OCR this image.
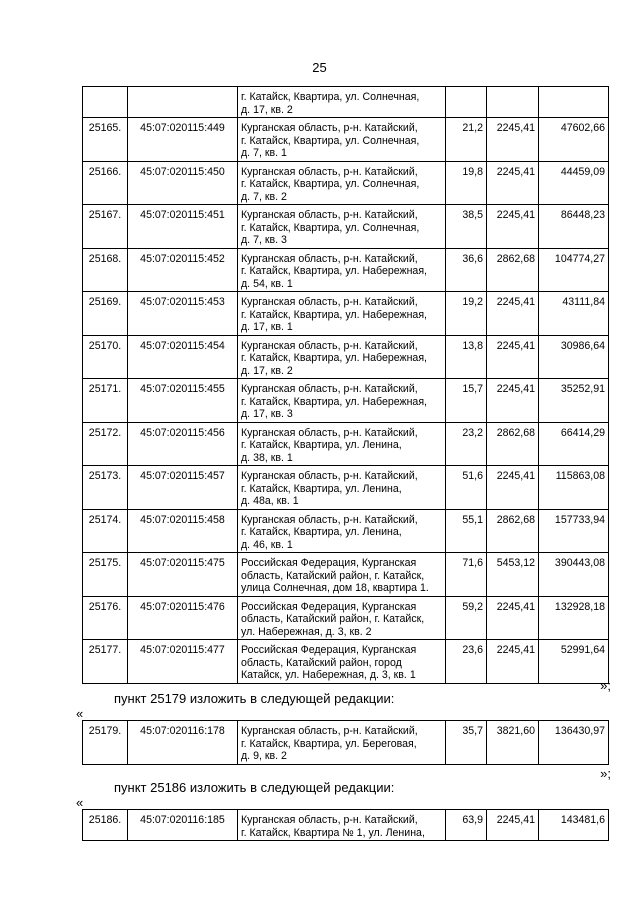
25

		г. Катайск, Квартира, ул. Солнечная,
д. 17, кв. 2			

25165.	45:07:020115:449	Курганская область, р-н. Катайский,
г. Катайск, Квартира, ул. Солнечная,
д. 7, кв. 1	21,2	2245,41	47602,66
25166.	45:07:020115:450	Курганская область, р-н. Катайский,
г. Катайск, Квартира, ул. Солнечная,
д. 7, кв. 2	19,8	2245,41	44459,09
25167.	45:07:020115:451	Курганская область, р-н. Катайский,
г. Катайск, Квартира, ул. Солнечная,
д. 7, кв. 3	38,5	2245,41	86448,23
25168.	45:07:020115:452	Курганская область, р-н. Катайский,
г. Катайск, Квартира, ул. Набережная,
д. 54, кв. 1	36,6	2862,68	104774,27
25169.	45:07:020115:453	Курганская область, р-н. Катайский,
г. Катайск, Квартира, ул. Набережная,
д. 17, кв. 1	19,2	2245,41	43111,84
25170.	45:07:020115:454	Курганская область, р-н. Катайский,
г. Катайск, Квартира, ул. Набережная,
д. 17, кв. 2	13,8	2245,41	30986,64
25171.	45:07:020115:455	Курганская область, р-н. Катайский,
г. Катайск, Квартира, ул. Набережная,
д. 17, кв. 3	15,7	2245,41	35252,91
25172.	45:07:020115:456	Курганская область, р-н. Катайский,
г. Катайск, Квартира, ул. Ленина,
д. 38, кв. 1	23,2	2862,68	66414,29
25173.	45:07:020115:457	Курганская область, р-н. Катайский,
г. Катайск, Квартира, ул. Ленина,
д. 48а, кв. 1	51,6	2245,41	115863,08
25174.	45:07:020115:458	Курганская область, р-н. Катайский,
г. Катайск, Квартира, ул. Ленина,
д. 46, кв. 1	55,1	2862,68	157733,94
25175.	45:07:020115:475	Российская Федерация, Курганская
область, Катайский район, г. Катайск,
улица Солнечная, дом 18, квартира 1.	71,6	5453,12	390443,08
25176.	45:07:020115:476	Российская Федерация, Курганская
область, Катайский район, г. Катайск,
ул. Набережная, д. 3, кв. 2	59,2	2245,41	132928,18
25177.	45:07:020115:477	Российская Федерация, Курганская
область, Катайский район, город
Катайск, ул. Набережная, д. 3, кв. 1	23,6	2245,41	52991,64
»;
пункт 25179 изложить в следующей редакции:
«
25179.	45:07:020116:178	Курганская область, р-н. Катайский,
г. Катайск, Квартира, ул. Береговая,
д. 9, кв. 2
	35,7	3821,60	136430,97
»;
пункт 25186 изложить в следующей редакции:
«
25186.	45:07:020116:185	Курганская область, р-н. Катайский,
г. Катайск, Квартира № 1, ул. Ленина,
	63,9	2245,41	143481,6
